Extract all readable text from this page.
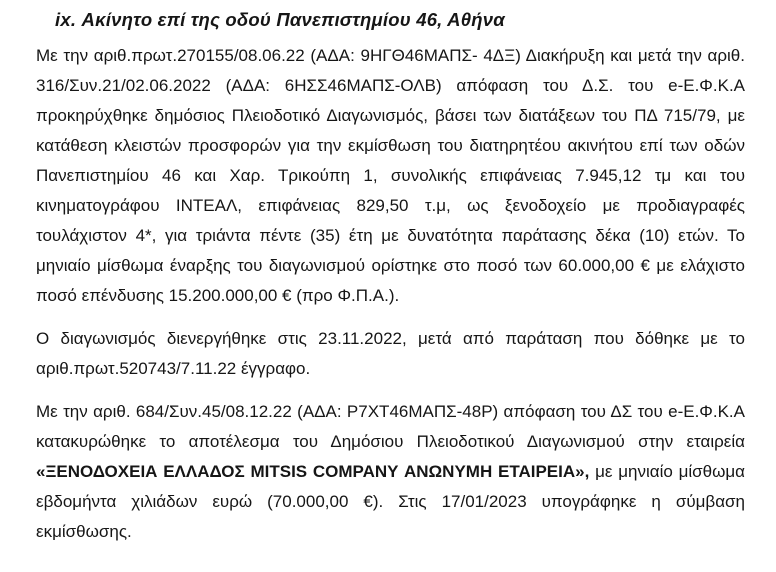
ix. Ακίνητο επί της οδού Πανεπιστημίου 46, Αθήνα

Με την αριθ.πρωτ.270155/08.06.22 (ΑΔΑ: 9ΗΓΘ46ΜΑΠΣ- 4ΔΞ) Διακήρυξη και μετά την αριθ. 316/Συν.21/02.06.2022 (ΑΔΑ: 6ΗΣΣ46ΜΑΠΣ-ΟΛΒ) απόφαση του Δ.Σ. του e-Ε.Φ.Κ.Α προκηρύχθηκε δημόσιος Πλειοδοτικό Διαγωνισμός, βάσει των διατάξεων του ΠΔ 715/79, με κατάθεση κλειστών προσφορών για την εκμίσθωση του διατηρητέου ακινήτου επί των οδών Πανεπιστημίου 46 και Χαρ. Τρικούπη 1, συνολικής επιφάνειας 7.945,12 τμ και του κινηματογράφου ΙΝΤΕΑΛ, επιφάνειας 829,50 τ.μ, ως ξενοδοχείο με προδιαγραφές τουλάχιστον 4*, για τριάντα πέντε (35) έτη με δυνατότητα παράτασης δέκα (10) ετών. Το μηνιαίο μίσθωμα έναρξης του διαγωνισμού ορίστηκε στο ποσό των 60.000,00 € με ελάχιστο ποσό επένδυσης 15.200.000,00 € (προ Φ.Π.Α.).

Ο διαγωνισμός διενεργήθηκε στις 23.11.2022, μετά από παράταση που δόθηκε με το αριθ.πρωτ.520743/7.11.22 έγγραφο.

Με την αριθ. 684/Συν.45/08.12.22 (ΑΔΑ: Ρ7ΧΤ46ΜΑΠΣ-48Ρ) απόφαση του ΔΣ του e-Ε.Φ.Κ.Α κατακυρώθηκε το αποτέλεσμα του Δημόσιου Πλειοδοτικού Διαγωνισμού στην εταιρεία «ΞΕΝΟΔΟΧΕΙΑ ΕΛΛΑΔΟΣ MITSIS COMPANY ΑΝΩΝΥΜΗ ΕΤΑΙΡΕΙΑ», με μηνιαίο μίσθωμα εβδομήντα χιλιάδων ευρώ (70.000,00 €). Στις 17/01/2023 υπογράφηκε η σύμβαση εκμίσθωσης.
